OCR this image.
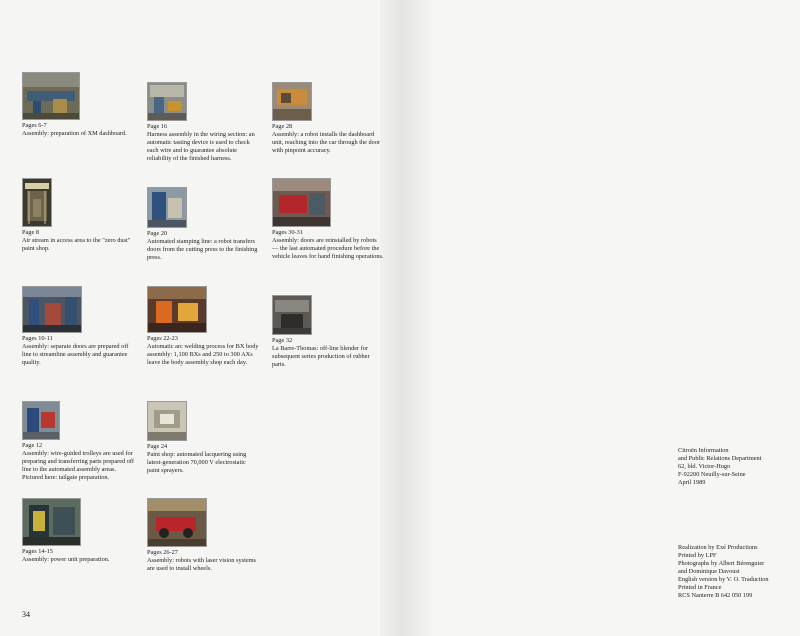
Pages 6-7
Assembly: preparation of XM dashboard.
Page 8
Air stream in access area to the "zero dust" paint shop.
Pages 10-11
Assembly: separate doors are prepared off line to streamline assembly and guarantee quality.
Page 12
Assembly: wire-guided trolleys are used for preparing and transferring parts prepared off line to the automated assembly areas. Pictured here: tailgate preparation.
Pages 14-15
Assembly: power unit preparation.
Page 16
Harness assembly in the wiring section: an automatic tasting device is used to check each wire and to guarantee absolute reliability of the finished harness.
Page 20
Automated stamping line: a robot transfers doors from the cutting press to the finishing press.
Pages 22-23
Automatic arc welding process for BX body assembly: 1,100 BXs and 250 to 300 AXs leave the body assembly shop each day.
Page 24
Paint shop: automated lacquering using latest-generation 70,000 V electrostatic paint sprayers.
Pages 26-27
Assembly: robots with laser vision systems are used to install wheels.
Page 28
Assembly: a robot installs the dashboard unit, reaching into the car through the door with pinpoint accuracy.
Pages 30-31
Assembly: doors are reinstalled by robots — the last automated procedure before the vehicle leaves for hand finishing operations.
Page 32
La Barre-Thomas: off-line blender for subsequent series production of rubber parts.
34
Citroën Information
and Public Relations Department
62, bld. Victor-Hugo
F-92200 Neuilly-sur-Seine
April 1989
Realization by Exé Productions
Printed by LPF
Photographs by Albert Bérenguier
and Dominique Davoust
English version by V. O. Traduction
Printed in France
RCS Nanterre B 642 050 199
